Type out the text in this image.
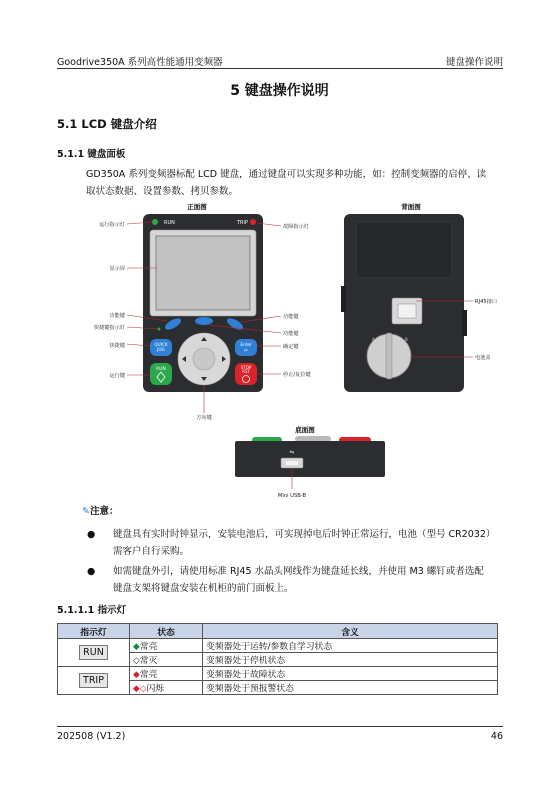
Goodrive350A 系列高性能通用变频器	键盘操作说明
5 键盘操作说明
5.1 LCD 键盘介绍
5.1.1 键盘面板
GD350A 系列变频器标配 LCD 键盘，通过键盘可以实现多种功能，如：控制变频器的启停、读
取状态数据、设置参数、拷贝参数。
正面图	背面图
RUN	TRIP
QUICK
JOG
Enter
↵
RUN	STOP
RST
运行指示灯
显示屏
功能键
快捷键指示灯
快捷键
运行键
故障指示灯
功能键
功能键
确定键
停止/复位键
方向键
A	B
RJ45接口
电池盖
底面图
⇋
Mini USB-B
✎注意：
● 键盘具有实时时钟显示，安装电池后，可实现掉电后时钟正常运行，电池（型号 CR2032）
需客户自行采购。
● 如需键盘外引，请使用标准 RJ45 水晶头网线作为键盘延长线，并使用 M3 螺钉或者选配
键盘支架将键盘安装在机柜的前门面板上。
5.1.1.1 指示灯
指示灯	状态	含义
RUN	◆常亮	变频器处于运转/参数自学习状态
	◇常灭	变频器处于停机状态
TRIP	◆常亮	变频器处于故障状态
	◆◇闪烁	变频器处于预报警状态
202508 (V1.2)	46
